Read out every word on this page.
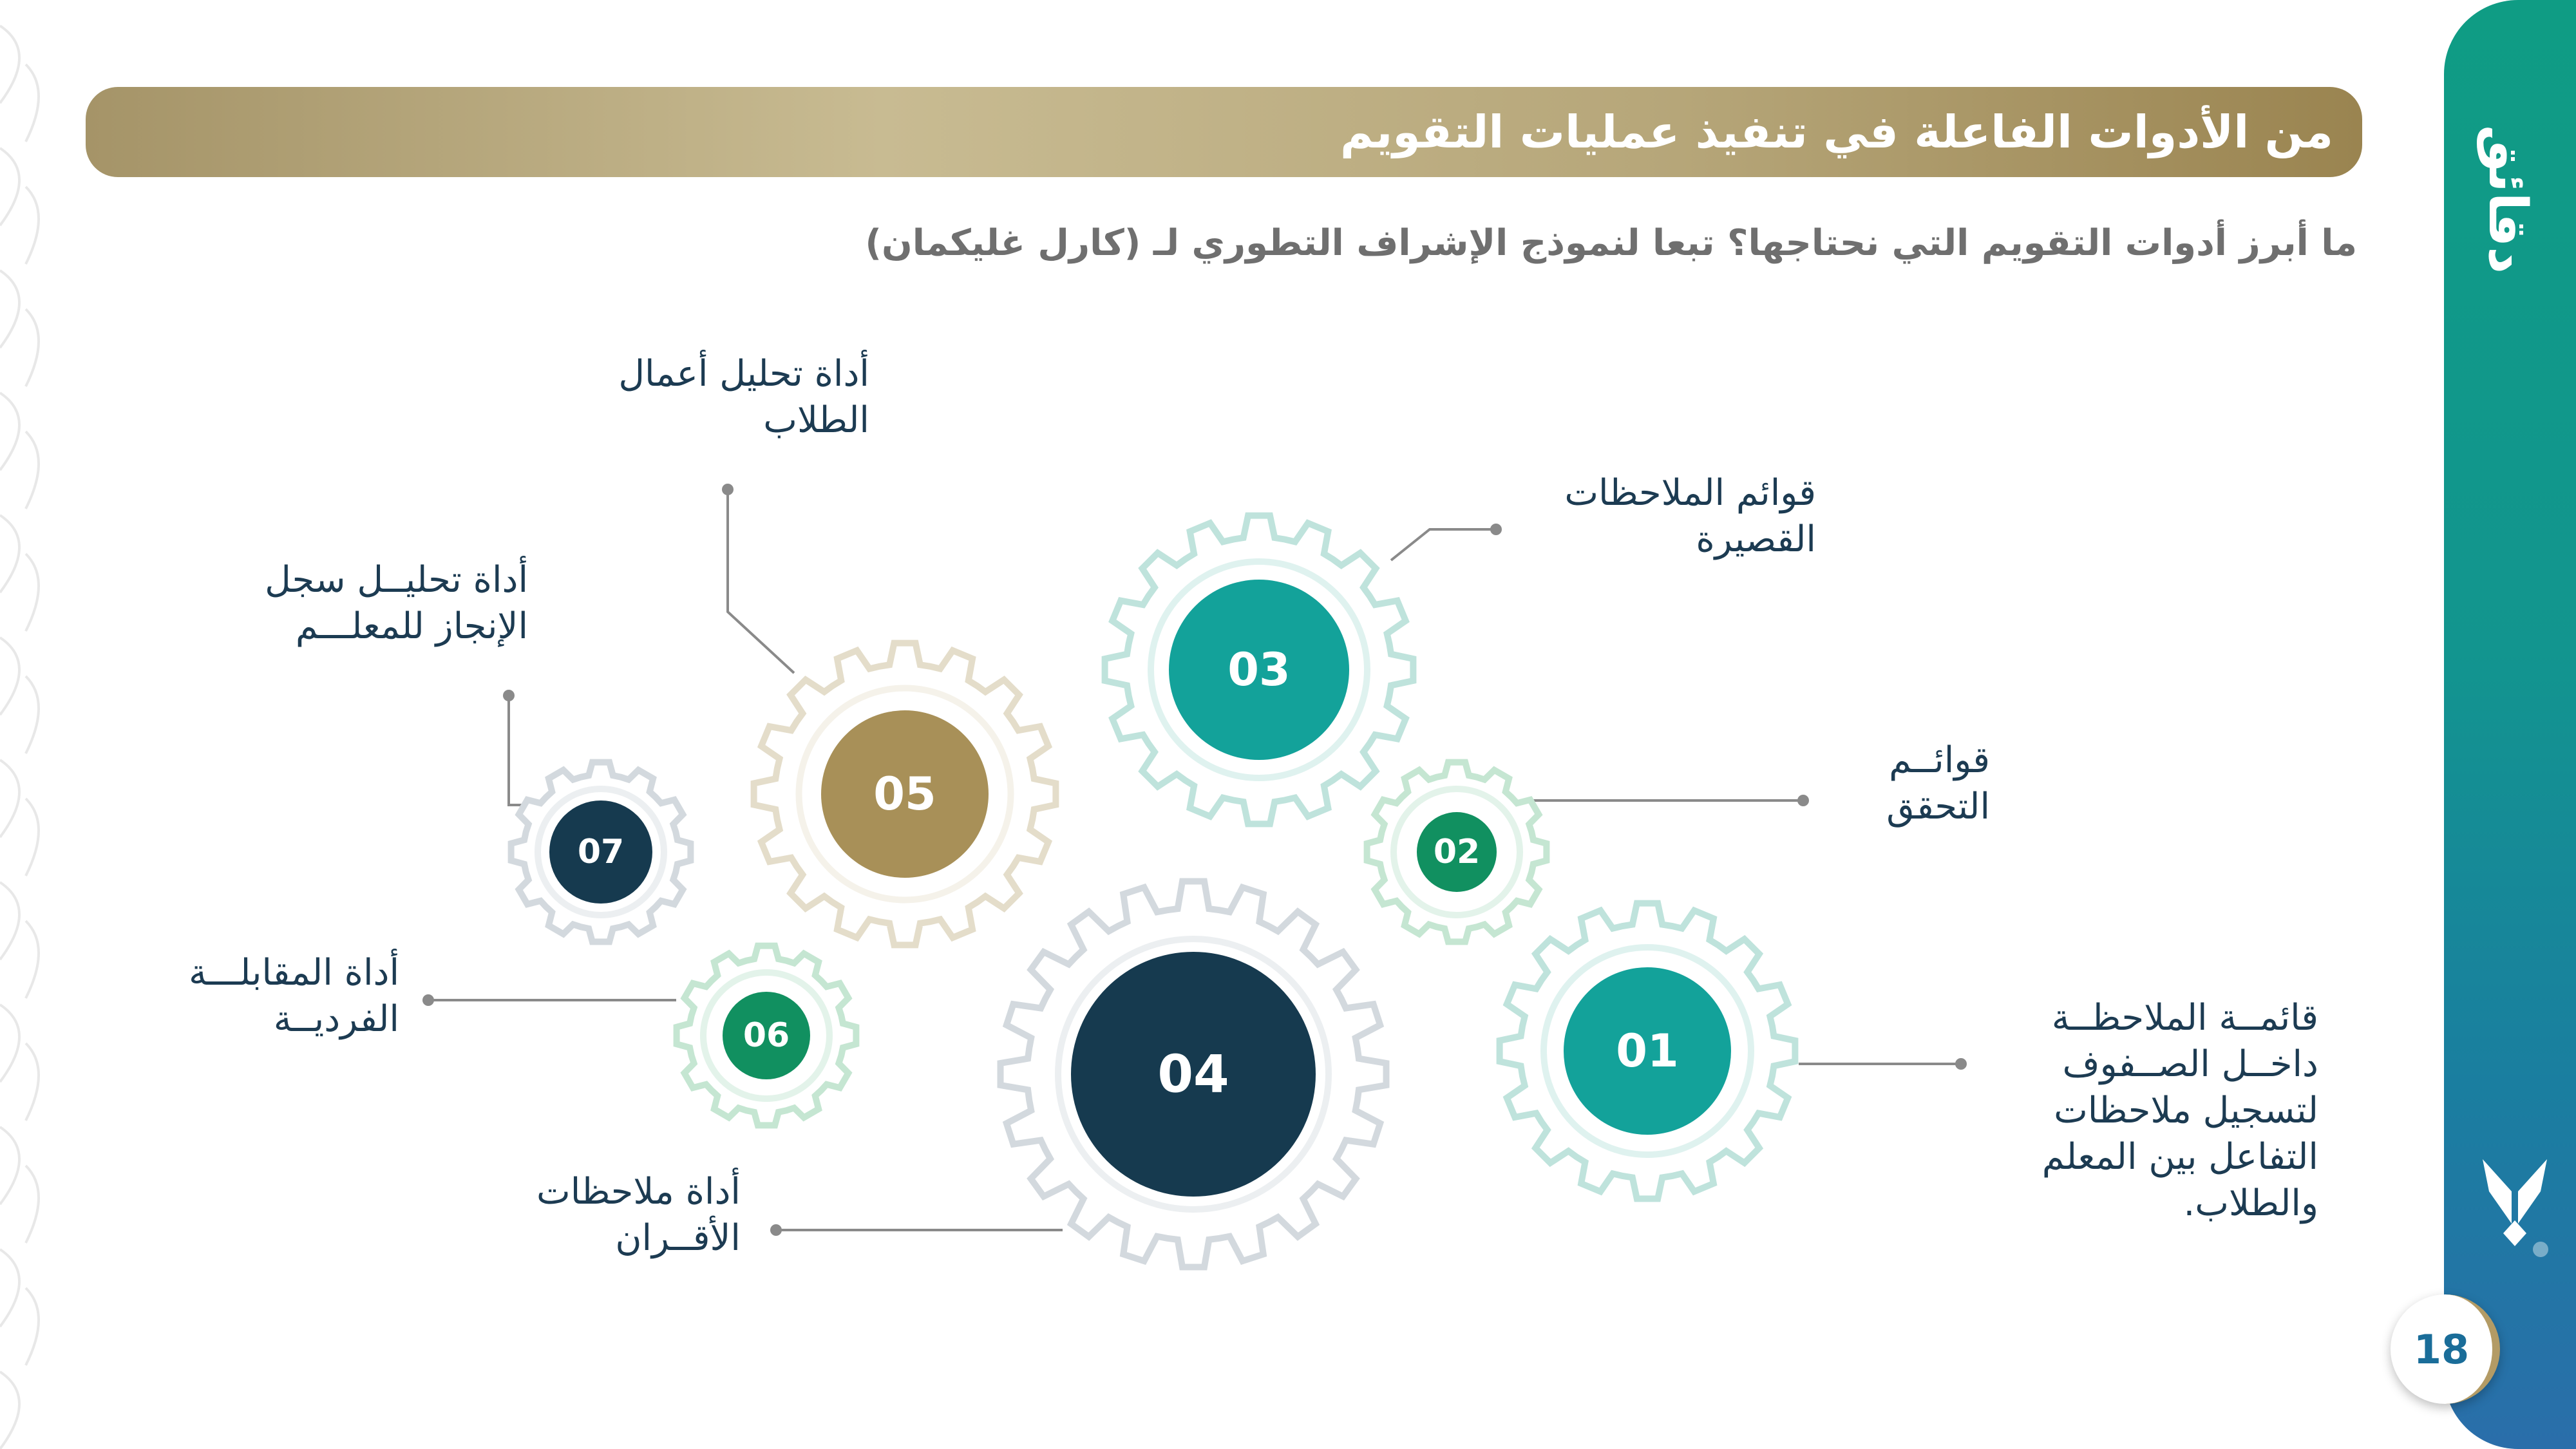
دقائق معرفية
18
من الأدوات الفاعلة في تنفيذ عمليات التقويم
ما أبرز أدوات التقويم التي نحتاجها؟ تبعا لنموذج الإشراف التطوري لـ (كارل غليكمان)
01
02
03
04
05
06
07
قائمــة الملاحظــة
داخــل الصــفوف
لتسجيل ملاحظات
التفاعل بين المعلم
والطلاب.
قوائــم
التحقق
قوائم الملاحظات
القصيرة
أداة ملاحظات
الأقــران
أداة تحليل أعمال
الطلاب
أداة المقابلـــة
الفرديــة
أداة تحليــل سجل
الإنجاز للمعلـــم
